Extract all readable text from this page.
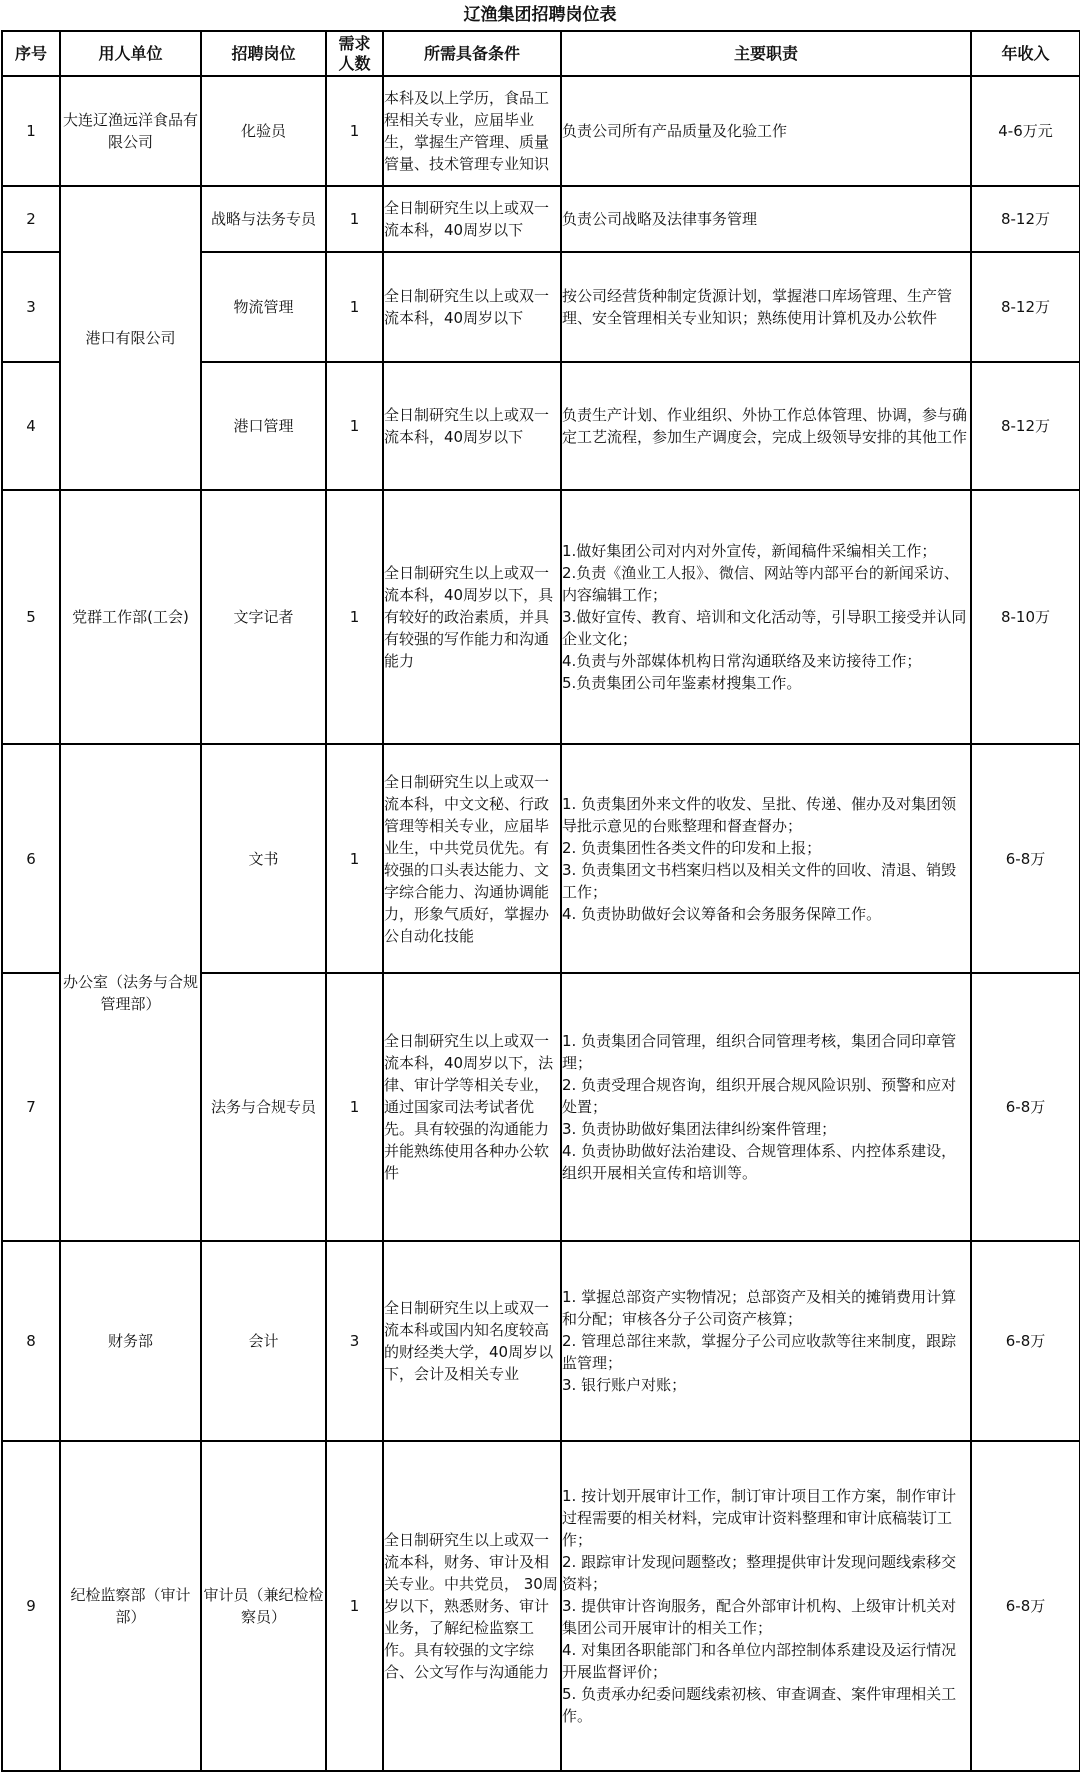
辽渔集团招聘岗位表
序号	用人单位	招聘岗位	需求人数	所需具备条件	主要职责	年收入
1	大连辽渔远洋食品有限公司	化验员	1	本科及以上学历，食品工程相关专业，应届毕业生，掌握生产管理、质量管量、技术管理专业知识	负责公司所有产品质量及化验工作	4-6万元
2	港口有限公司	战略与法务专员	1	全日制研究生以上或双一流本科，40周岁以下	负责公司战略及法律事务管理	8-12万
3		物流管理	1	全日制研究生以上或双一流本科，40周岁以下	按公司经营货种制定货源计划，掌握港口库场管理、生产管理、安全管理相关专业知识；熟练使用计算机及办公软件	8-12万
4		港口管理	1	全日制研究生以上或双一流本科，40周岁以下	负责生产计划、作业组织、外协工作总体管理、协调，参与确定工艺流程，参加生产调度会，完成上级领导安排的其他工作	8-12万
5	党群工作部(工会)	文字记者	1	全日制研究生以上或双一流本科，40周岁以下，具有较好的政治素质，并具有较强的写作能力和沟通能力	1.做好集团公司对内对外宣传，新闻稿件采编相关工作；
2.负责《渔业工人报》、微信、网站等内部平台的新闻采访、内容编辑工作；
3.做好宣传、教育、培训和文化活动等，引导职工接受并认同企业文化；
4.负责与外部媒体机构日常沟通联络及来访接待工作；
5.负责集团公司年鉴素材搜集工作。	8-10万
6	办公室（法务与合规管理部）	文书	1	全日制研究生以上或双一流本科，中文文秘、行政管理等相关专业，应届毕业生，中共党员优先。有较强的口头表达能力、文字综合能力、沟通协调能力，形象气质好，掌握办公自动化技能	1. 负责集团外来文件的收发、呈批、传递、催办及对集团领导批示意见的台账整理和督查督办；
2. 负责集团性各类文件的印发和上报；
3. 负责集团文书档案归档以及相关文件的回收、清退、销毁工作；
4. 负责协助做好会议筹备和会务服务保障工作。	6-8万
7		法务与合规专员	1	全日制研究生以上或双一流本科，40周岁以下，法律、审计学等相关专业，通过国家司法考试者优先。具有较强的沟通能力并能熟练使用各种办公软件	1. 负责集团合同管理，组织合同管理考核，集团合同印章管理；
2. 负责受理合规咨询，组织开展合规风险识别、预警和应对处置；
3. 负责协助做好集团法律纠纷案件管理；
4. 负责协助做好法治建设、合规管理体系、内控体系建设，组织开展相关宣传和培训等。	6-8万
8	财务部	会计	3	全日制研究生以上或双一流本科或国内知名度较高的财经类大学，40周岁以下，会计及相关专业	1. 掌握总部资产实物情况；总部资产及相关的摊销费用计算和分配；审核各分子公司资产核算；
2. 管理总部往来款，掌握分子公司应收款等往来制度，跟踪监管理；
3. 银行账户对账；	6-8万
9	纪检监察部（审计部）	审计员（兼纪检检察员）	1	全日制研究生以上或双一流本科，财务、审计及相关专业。中共党员， 30周岁以下，熟悉财务、审计业务，了解纪检监察工作。具有较强的文字综合、公文写作与沟通能力	1. 按计划开展审计工作，制订审计项目工作方案，制作审计过程需要的相关材料，完成审计资料整理和审计底稿装订工作；
2. 跟踪审计发现问题整改；整理提供审计发现问题线索移交资料；
3. 提供审计咨询服务，配合外部审计机构、上级审计机关对集团公司开展审计的相关工作；
4. 对集团各职能部门和各单位内部控制体系建设及运行情况开展监督评价；
5. 负责承办纪委问题线索初核、审查调查、案件审理相关工作。	6-8万
